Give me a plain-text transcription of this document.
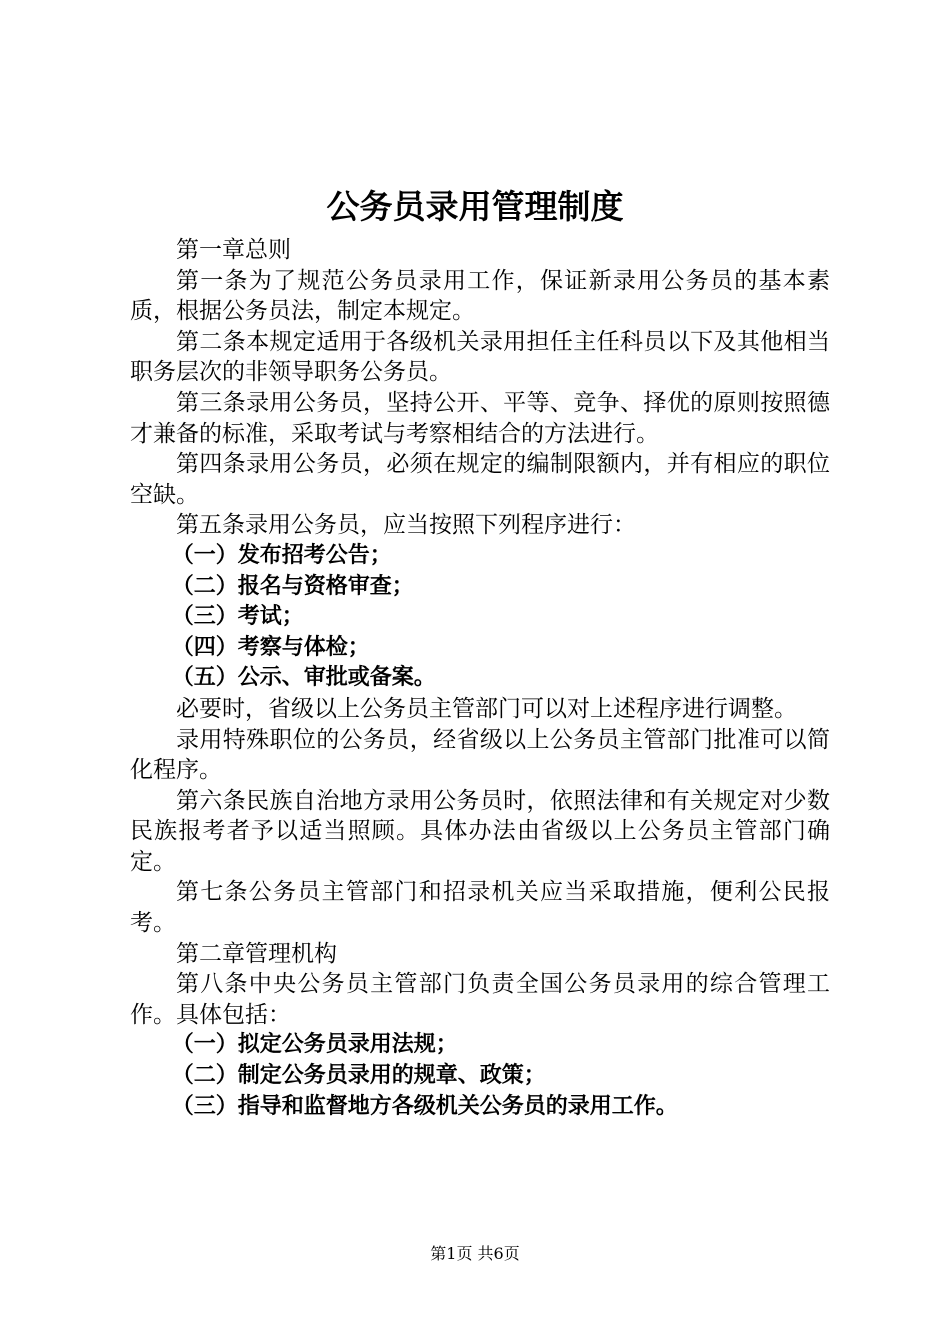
公务员录用管理制度

第一章总则

第一条为了规范公务员录用工作，保证新录用公务员的基本素质，根据公务员法，制定本规定。

第二条本规定适用于各级机关录用担任主任科员以下及其他相当职务层次的非领导职务公务员。

第三条录用公务员，坚持公开、平等、竞争、择优的原则按照德才兼备的标准，采取考试与考察相结合的方法进行。

第四条录用公务员，必须在规定的编制限额内，并有相应的职位空缺。

第五条录用公务员，应当按照下列程序进行：

（一）发布招考公告；

（二）报名与资格审查；

（三）考试；

（四）考察与体检；

（五）公示、审批或备案。

必要时，省级以上公务员主管部门可以对上述程序进行调整。

录用特殊职位的公务员，经省级以上公务员主管部门批准可以简化程序。

第六条民族自治地方录用公务员时，依照法律和有关规定对少数民族报考者予以适当照顾。具体办法由省级以上公务员主管部门确定。

第七条公务员主管部门和招录机关应当采取措施，便利公民报考。

第二章管理机构

第八条中央公务员主管部门负责全国公务员录用的综合管理工作。具体包括：

（一）拟定公务员录用法规；

（二）制定公务员录用的规章、政策；

（三）指导和监督地方各级机关公务员的录用工作。

第1页 共6页
